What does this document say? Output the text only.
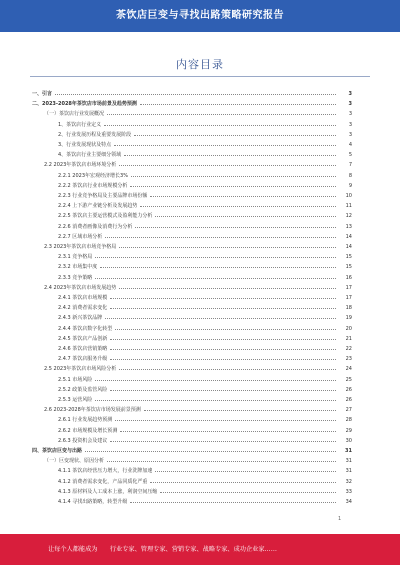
茶饮店巨变与寻找出路策略研究报告
内容目录
一、引言	3
二、2023-2028年茶饮店市场前景及趋势预测	3
（一）茶饮店行业发展概况	3
1、茶饮店行业定义	3
2、行业发展历程及重要发展阶段	3
3、行业发展现状及特点	4
4、茶饮店行业主要细分领域	5
2.2 2023年茶饮店市场环境分析	7
2.2.1 2023年宏观经济增长3%	8
2.2.2 茶饮店行业市场规模分析	9
2.2.3 行业竞争格局及主要品牌市场份额	10
2.2.4 上下游产业链分析及发展趋势	11
2.2.5 茶饮店主要运营模式及盈利能力分析	12
2.2.6 消费者画像及消费行为分析	13
2.2.7 区域市场分析	14
2.3 2023年茶饮店市场竞争格局	14
2.3.1 竞争格局	15
2.3.2 市场集中度	15
2.3.3 竞争策略	16
2.4 2023年茶饮店市场发展趋势	17
2.4.1 茶饮店市场规模	17
2.4.2 消费者需求变化	18
2.4.3 新兴茶饮品牌	19
2.4.4 茶饮店数字化转型	20
2.4.5 茶饮店产品创新	21
2.4.6 茶饮店营销策略	22
2.4.7 茶饮店服务升级	23
2.5 2023年茶饮店市场风险分析	24
2.5.1 市场风险	25
2.5.2 政策及监管风险	26
2.5.3 运营风险	26
2.6 2023-2028年茶饮店市场发展前景预测	27
2.6.1 行业发展趋势预测	28
2.6.2 市场规模及增长预测	29
2.6.3 投资机会及建议	30
四、茶饮店巨变与出路	31
（一）巨变现状、原因分析	31
4.1.1 茶饮店经营压力增大，行业洗牌加速	31
4.1.2 消费者需求变化，产品同质化严重	32
4.1.3 原材料及人工成本上涨，利润空间压缩	33
4.1.4 寻找出路策略，转型升级	34
1
让每个人都能成为　　行业专家、管理专家、营销专家、战略专家、成功企业家……
